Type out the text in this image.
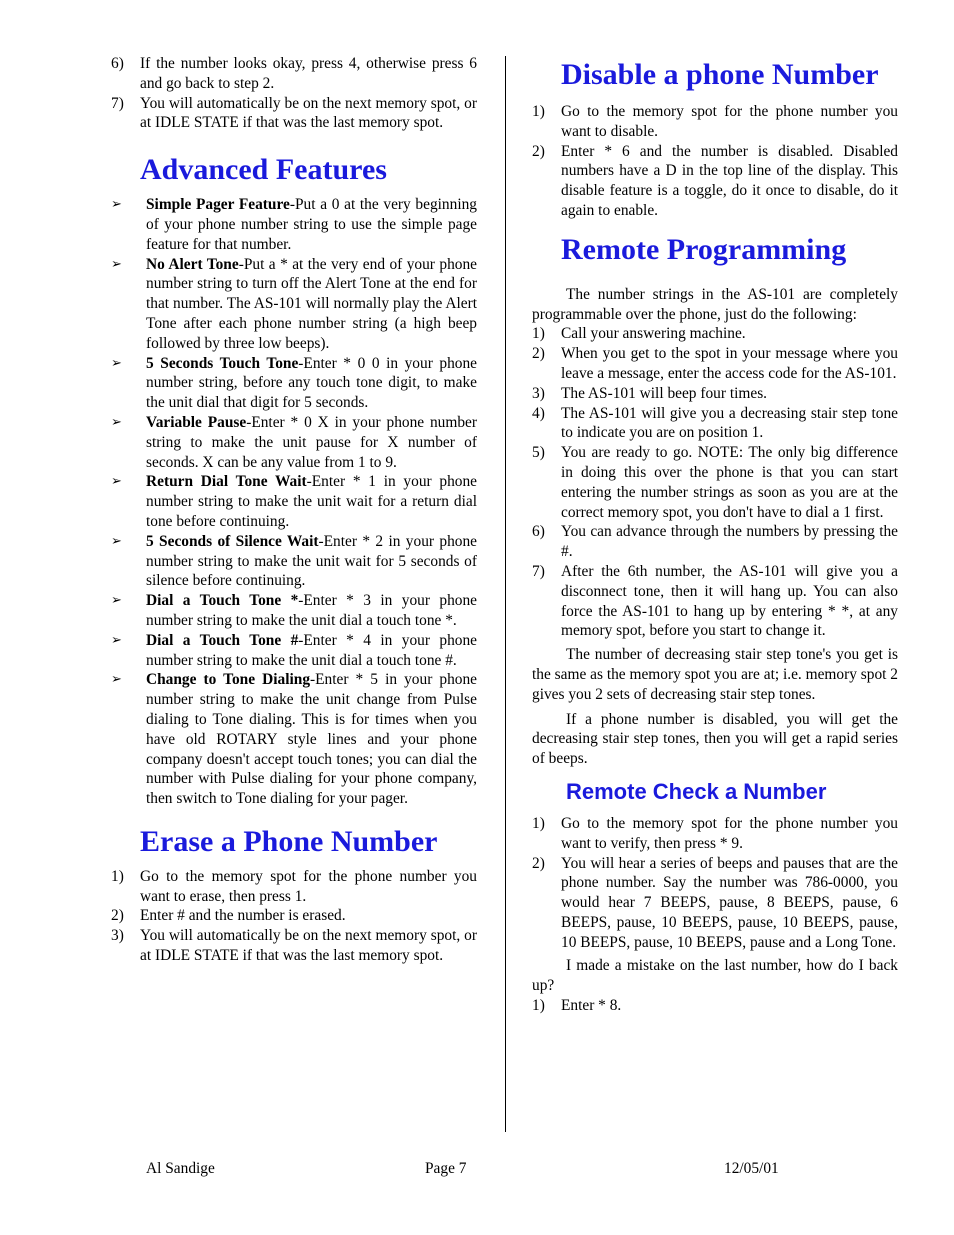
6) If the number looks okay, press 4, otherwise press 6 and go back to step 2.
7) You will automatically be on the next memory spot, or at IDLE STATE if that was the last memory spot.
Advanced Features
➢ Simple Pager Feature-Put a 0 at the very beginning of your phone number string to use the simple page feature for that number.
➢ No Alert Tone-Put a * at the very end of your phone number string to turn off the Alert Tone at the end for that number. The AS-101 will normally play the Alert Tone after each phone number string (a high beep followed by three low beeps).
➢ 5 Seconds Touch Tone-Enter * 0 0 in your phone number string, before any touch tone digit, to make the unit dial that digit for 5 seconds.
➢ Variable Pause-Enter * 0 X in your phone number string to make the unit pause for X number of seconds. X can be any value from 1 to 9.
➢ Return Dial Tone Wait-Enter * 1 in your phone number string to make the unit wait for a return dial tone before continuing.
➢ 5 Seconds of Silence Wait-Enter * 2 in your phone number string to make the unit wait for 5 seconds of silence before continuing.
➢ Dial a Touch Tone *-Enter * 3 in your phone number string to make the unit dial a touch tone *.
➢ Dial a Touch Tone #-Enter * 4 in your phone number string to make the unit dial a touch tone #.
➢ Change to Tone Dialing-Enter * 5 in your phone number string to make the unit change from Pulse dialing to Tone dialing. This is for times when you have old ROTARY style lines and your phone company doesn't accept touch tones; you can dial the number with Pulse dialing for your phone company, then switch to Tone dialing for your pager.
Erase a Phone Number
1) Go to the memory spot for the phone number you want to erase, then press 1.
2) Enter # and the number is erased.
3) You will automatically be on the next memory spot, or at IDLE STATE if that was the last memory spot.
Disable a phone Number
1) Go to the memory spot for the phone number you want to disable.
2) Enter * 6 and the number is disabled. Disabled numbers have a D in the top line of the display. This disable feature is a toggle, do it once to disable, do it again to enable.
Remote Programming

The number strings in the AS-101 are completely programmable over the phone, just do the following:

1) Call your answering machine.
2) When you get to the spot in your message where you leave a message, enter the access code for the AS-101.
3) The AS-101 will beep four times.
4) The AS-101 will give you a decreasing stair step tone to indicate you are on position 1.
5) You are ready to go. NOTE: The only big difference in doing this over the phone is that you can start entering the number strings as soon as you are at the correct memory spot, you don't have to dial a 1 first.
6) You can advance through the numbers by pressing the #.
7) After the 6th number, the AS-101 will give you a disconnect tone, then it will hang up. You can also force the AS-101 to hang up by entering * *, at any memory spot, before you start to change it.

The number of decreasing stair step tone's you get is the same as the memory spot you are at; i.e. memory spot 2 gives you 2 sets of decreasing stair step tones.

If a phone number is disabled, you will get the decreasing stair step tones, then you will get a rapid series of beeps.

Remote Check a Number
1) Go to the memory spot for the phone number you want to verify, then press * 9.
2) You will hear a series of beeps and pauses that are the phone number. Say the number was 786-0000, you would hear 7 BEEPS, pause, 8 BEEPS, pause, 6 BEEPS, pause, 10 BEEPS, pause, 10 BEEPS, pause, 10 BEEPS, pause, 10 BEEPS, pause and a Long Tone.

I made a mistake on the last number, how do I back up?

1) Enter * 8.
Al Sandige	Page 7	12/05/01
